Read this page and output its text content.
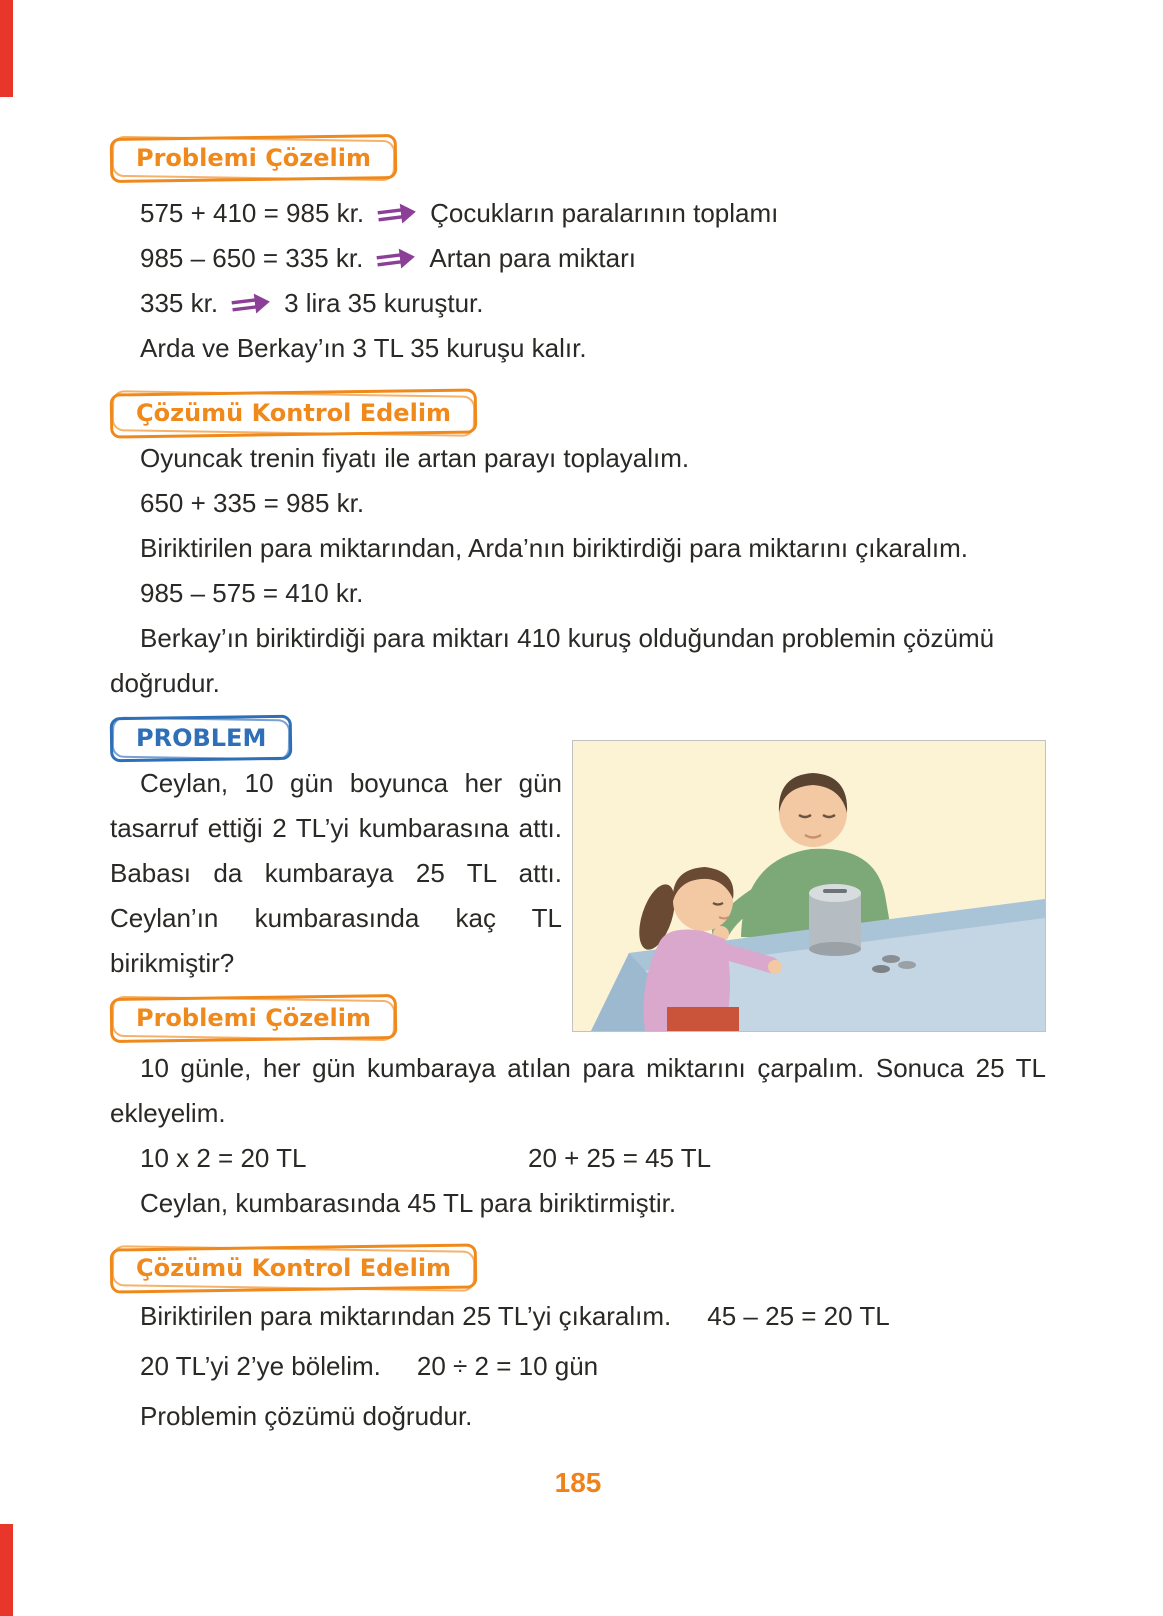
Problemi Çözelim
575 + 410 = 985 kr.	Çocukların paralarının toplamı
985 – 650 = 335 kr.	Artan para miktarı
335 kr.	3 lira 35 kuruştur.

Arda ve Berkay’ın 3 TL 35 kuruşu kalır.

Çözümü Kontrol Edelim

Oyuncak trenin fiyatı ile artan parayı toplayalım.

650 + 335 = 985 kr.

Biriktirilen para miktarından, Arda’nın biriktirdiği para miktarını çıkaralım.

985 – 575 = 410 kr.

Berkay’ın biriktirdiği para miktarı 410 kuruş olduğundan problemin çözümü doğrudur.

PROBLEM

Ceylan, 10 gün boyunca her gün tasarruf ettiği 2 TL’yi kumbarasına attı. Babası da kumbaraya 25 TL attı. Ceylan’ın kumbarasında kaç TL birikmiştir?

Problemi Çözelim

10 günle, her gün kumbaraya atılan para miktarını çarpalım. Sonuca 25 TL ekleyelim.

10 x 2 = 20 TL	20 + 25 = 45 TL

Ceylan, kumbarasında 45 TL para biriktirmiştir.

Çözümü Kontrol Edelim

Biriktirilen para miktarından 25 TL’yi çıkaralım. 45 – 25 = 20 TL

20 TL’yi 2’ye bölelim. 20 ÷ 2 = 10 gün

Problemin çözümü doğrudur.

185
